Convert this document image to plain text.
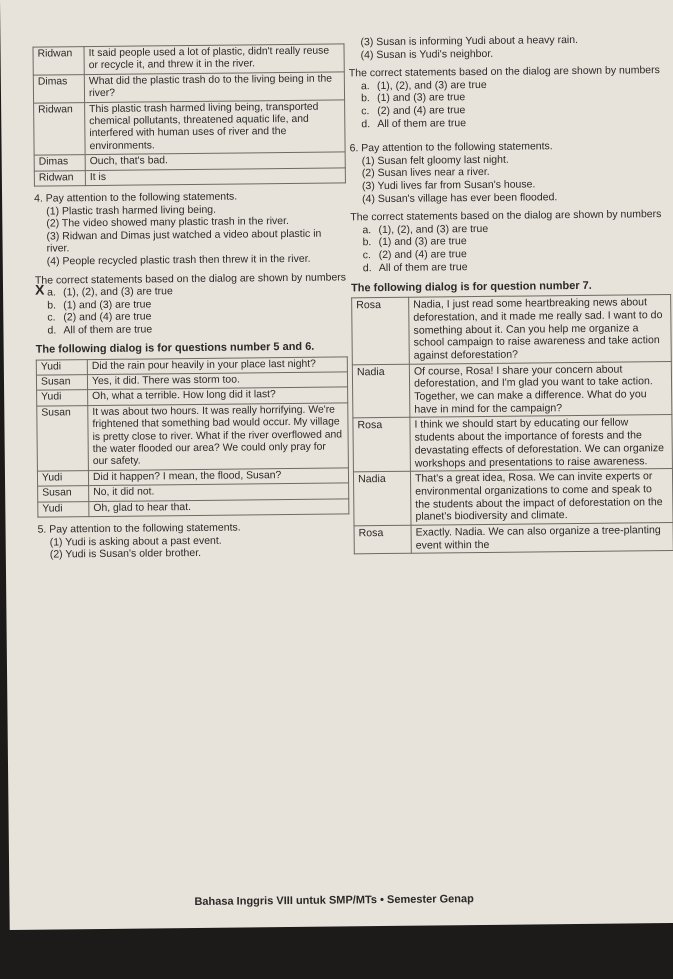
Ridwan	It said people used a lot of plastic, didn't really reuse or recycle it, and threw it in the river.
Dimas	What did the plastic trash do to the living being in the river?
Ridwan	This plastic trash harmed living being, transported chemical pollutants, threatened aquatic life, and interfered with human uses of river and the environments.
Dimas	Ouch, that's bad.
Ridwan	It is

4. Pay attention to the following statements.

(1) Plastic trash harmed living being.
(2) The video showed many plastic trash in the river.
(3) Ridwan and Dimas just watched a video about plastic in river.
(4) People recycled plastic trash then threw it in the river.

The correct statements based on the dialog are shown by numbers

X a. (1), (2), and (3) are true
b. (1) and (3) are true
c. (2) and (4) are true
d. All of them are true
The following dialog is for questions number 5 and 6.
Yudi	Did the rain pour heavily in your place last night?
Susan	Yes, it did. There was storm too.
Yudi	Oh, what a terrible. How long did it last?
Susan	It was about two hours. It was really horrifying. We're frightened that something bad would occur. My village is pretty close to river. What if the river overflowed and the water flooded our area? We could only pray for our safety.
Yudi	Did it happen? I mean, the flood, Susan?
Susan	No, it did not.
Yudi	Oh, glad to hear that.

5. Pay attention to the following statements.

(1) Yudi is asking about a past event.
(2) Yudi is Susan's older brother.
(3) Susan is informing Yudi about a heavy rain.
(4) Susan is Yudi's neighbor.

The correct statements based on the dialog are shown by numbers

a. (1), (2), and (3) are true
b. (1) and (3) are true
c. (2) and (4) are true
d. All of them are true

6. Pay attention to the following statements.

(1) Susan felt gloomy last night.
(2) Susan lives near a river.
(3) Yudi lives far from Susan's house.
(4) Susan's village has ever been flooded.

The correct statements based on the dialog are shown by numbers

a. (1), (2), and (3) are true
b. (1) and (3) are true
c. (2) and (4) are true
d. All of them are true
The following dialog is for question number 7.
Rosa	Nadia, I just read some heartbreaking news about deforestation, and it made me really sad. I want to do something about it. Can you help me organize a school campaign to raise awareness and take action against deforestation?
Nadia	Of course, Rosa! I share your concern about deforestation, and I'm glad you want to take action. Together, we can make a difference. What do you have in mind for the campaign?
Rosa	I think we should start by educating our fellow students about the importance of forests and the devastating effects of deforestation. We can organize workshops and presentations to raise awareness.
Nadia	That's a great idea, Rosa. We can invite experts or environmental organizations to come and speak to the students about the impact of deforestation on the planet's biodiversity and climate.
Rosa	Exactly. Nadia. We can also organize a tree-planting event within the
Bahasa Inggris VIII untuk SMP/MTs • Semester Genap
